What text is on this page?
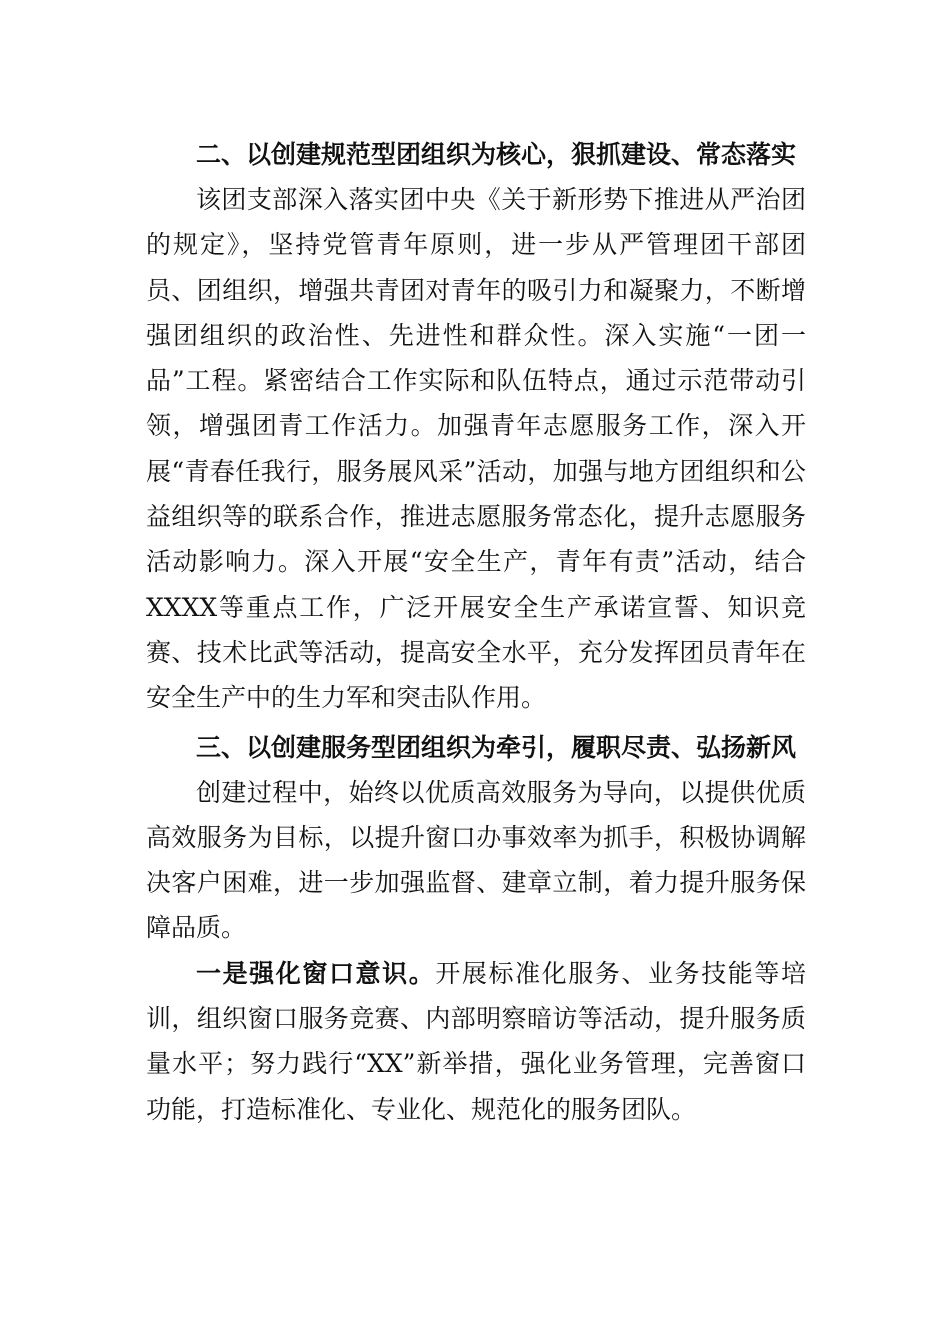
二、以创建规范型团组织为核心，狠抓建设、常态落实

该团支部深入落实团中央《关于新形势下推进从严治团的规定》，坚持党管青年原则，进一步从严管理团干部团员、团组织，增强共青团对青年的吸引力和凝聚力，不断增强团组织的政治性、先进性和群众性。深入实施“一团一品”工程。紧密结合工作实际和队伍特点，通过示范带动引领，增强团青工作活力。加强青年志愿服务工作，深入开展“青春任我行，服务展风采”活动，加强与地方团组织和公益组织等的联系合作，推进志愿服务常态化，提升志愿服务活动影响力。深入开展“安全生产，青年有责”活动，结合XXXX等重点工作，广泛开展安全生产承诺宣誓、知识竞赛、技术比武等活动，提高安全水平，充分发挥团员青年在安全生产中的生力军和突击队作用。

三、以创建服务型团组织为牵引，履职尽责、弘扬新风

创建过程中，始终以优质高效服务为导向，以提供优质高效服务为目标，以提升窗口办事效率为抓手，积极协调解决客户困难，进一步加强监督、建章立制，着力提升服务保障品质。

一是强化窗口意识。开展标准化服务、业务技能等培训，组织窗口服务竞赛、内部明察暗访等活动，提升服务质量水平；努力践行“XX”新举措，强化业务管理，完善窗口功能，打造标准化、专业化、规范化的服务团队。
